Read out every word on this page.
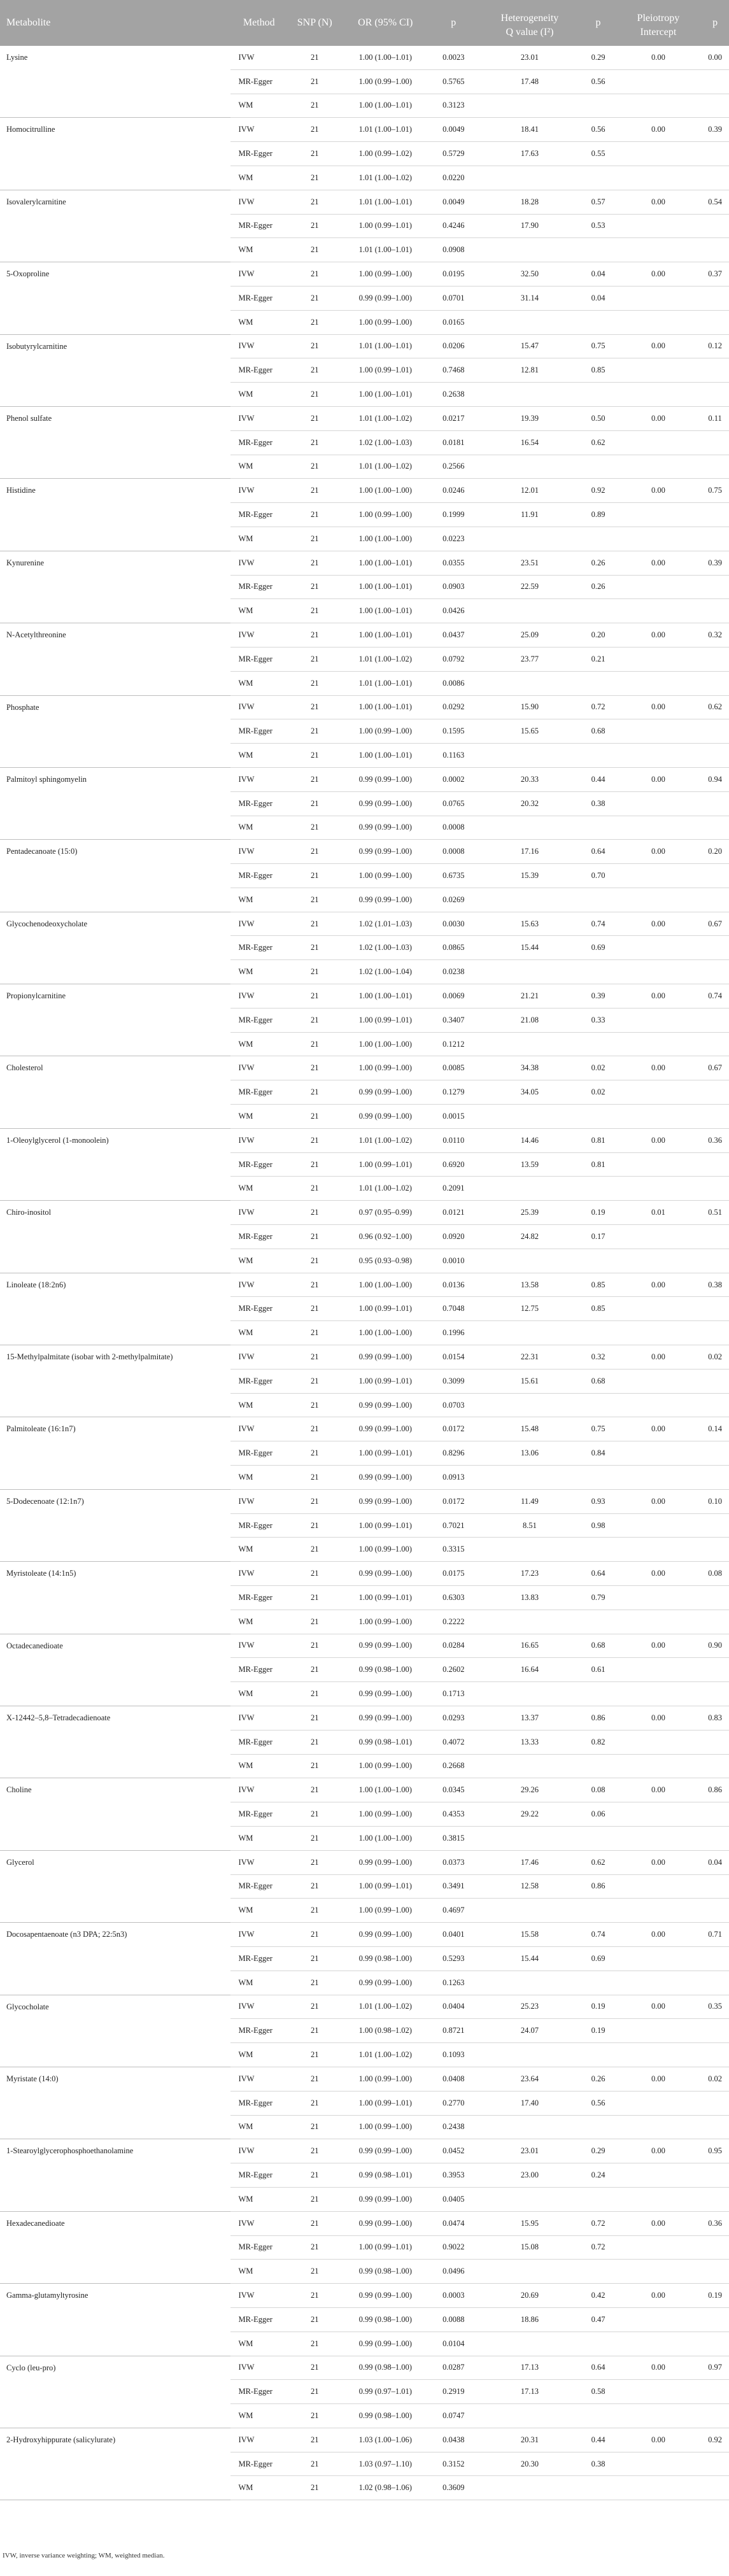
Metabolite	Method	SNP (N)	OR (95% CI)	p	Heterogeneity	p	Pleiotropy	p
					Q value (I²)		Intercept	
Lysine	IVW	21	1.00 (1.00–1.01)	0.0023	23.01	0.29	0.00	0.00
	MR-Egger	21	1.00 (0.99–1.00)	0.5765	17.48	0.56		
	WM	21	1.00 (1.00–1.01)	0.3123				
Homocitrulline	IVW	21	1.01 (1.00–1.01)	0.0049	18.41	0.56	0.00	0.39
	MR-Egger	21	1.00 (0.99–1.02)	0.5729	17.63	0.55		
	WM	21	1.01 (1.00–1.02)	0.0220				
Isovalerylcarnitine	IVW	21	1.01 (1.00–1.01)	0.0049	18.28	0.57	0.00	0.54
	MR-Egger	21	1.00 (0.99–1.01)	0.4246	17.90	0.53		
	WM	21	1.01 (1.00–1.01)	0.0908				
5-Oxoproline	IVW	21	1.00 (0.99–1.00)	0.0195	32.50	0.04	0.00	0.37
	MR-Egger	21	0.99 (0.99–1.00)	0.0701	31.14	0.04		
	WM	21	1.00 (0.99–1.00)	0.0165				
Isobutyrylcarnitine	IVW	21	1.01 (1.00–1.01)	0.0206	15.47	0.75	0.00	0.12
	MR-Egger	21	1.00 (0.99–1.01)	0.7468	12.81	0.85		
	WM	21	1.00 (1.00–1.01)	0.2638				
Phenol sulfate	IVW	21	1.01 (1.00–1.02)	0.0217	19.39	0.50	0.00	0.11
	MR-Egger	21	1.02 (1.00–1.03)	0.0181	16.54	0.62		
	WM	21	1.01 (1.00–1.02)	0.2566				
Histidine	IVW	21	1.00 (1.00–1.00)	0.0246	12.01	0.92	0.00	0.75
	MR-Egger	21	1.00 (0.99–1.00)	0.1999	11.91	0.89		
	WM	21	1.00 (1.00–1.00)	0.0223				
Kynurenine	IVW	21	1.00 (1.00–1.01)	0.0355	23.51	0.26	0.00	0.39
	MR-Egger	21	1.00 (1.00–1.01)	0.0903	22.59	0.26		
	WM	21	1.00 (1.00–1.01)	0.0426				
N-Acetylthreonine	IVW	21	1.00 (1.00–1.01)	0.0437	25.09	0.20	0.00	0.32
	MR-Egger	21	1.01 (1.00–1.02)	0.0792	23.77	0.21		
	WM	21	1.01 (1.00–1.01)	0.0086				
Phosphate	IVW	21	1.00 (1.00–1.01)	0.0292	15.90	0.72	0.00	0.62
	MR-Egger	21	1.00 (0.99–1.00)	0.1595	15.65	0.68		
	WM	21	1.00 (1.00–1.01)	0.1163				
Palmitoyl sphingomyelin	IVW	21	0.99 (0.99–1.00)	0.0002	20.33	0.44	0.00	0.94
	MR-Egger	21	0.99 (0.99–1.00)	0.0765	20.32	0.38		
	WM	21	0.99 (0.99–1.00)	0.0008				
Pentadecanoate (15:0)	IVW	21	0.99 (0.99–1.00)	0.0008	17.16	0.64	0.00	0.20
	MR-Egger	21	1.00 (0.99–1.00)	0.6735	15.39	0.70		
	WM	21	0.99 (0.99–1.00)	0.0269				
Glycochenodeoxycholate	IVW	21	1.02 (1.01–1.03)	0.0030	15.63	0.74	0.00	0.67
	MR-Egger	21	1.02 (1.00–1.03)	0.0865	15.44	0.69		
	WM	21	1.02 (1.00–1.04)	0.0238				
Propionylcarnitine	IVW	21	1.00 (1.00–1.01)	0.0069	21.21	0.39	0.00	0.74
	MR-Egger	21	1.00 (0.99–1.01)	0.3407	21.08	0.33		
	WM	21	1.00 (1.00–1.00)	0.1212				
Cholesterol	IVW	21	1.00 (0.99–1.00)	0.0085	34.38	0.02	0.00	0.67
	MR-Egger	21	0.99 (0.99–1.00)	0.1279	34.05	0.02		
	WM	21	0.99 (0.99–1.00)	0.0015				
1-Oleoylglycerol (1-monoolein)	IVW	21	1.01 (1.00–1.02)	0.0110	14.46	0.81	0.00	0.36
	MR-Egger	21	1.00 (0.99–1.01)	0.6920	13.59	0.81		
	WM	21	1.01 (1.00–1.02)	0.2091				
Chiro-inositol	IVW	21	0.97 (0.95–0.99)	0.0121	25.39	0.19	0.01	0.51
	MR-Egger	21	0.96 (0.92–1.00)	0.0920	24.82	0.17		
	WM	21	0.95 (0.93–0.98)	0.0010				
Linoleate (18:2n6)	IVW	21	1.00 (1.00–1.00)	0.0136	13.58	0.85	0.00	0.38
	MR-Egger	21	1.00 (0.99–1.01)	0.7048	12.75	0.85		
	WM	21	1.00 (1.00–1.00)	0.1996				
15-Methylpalmitate (isobar with 2-methylpalmitate)	IVW	21	0.99 (0.99–1.00)	0.0154	22.31	0.32	0.00	0.02
	MR-Egger	21	1.00 (0.99–1.01)	0.3099	15.61	0.68		
	WM	21	0.99 (0.99–1.00)	0.0703				
Palmitoleate (16:1n7)	IVW	21	0.99 (0.99–1.00)	0.0172	15.48	0.75	0.00	0.14
	MR-Egger	21	1.00 (0.99–1.01)	0.8296	13.06	0.84		
	WM	21	0.99 (0.99–1.00)	0.0913				
5-Dodecenoate (12:1n7)	IVW	21	0.99 (0.99–1.00)	0.0172	11.49	0.93	0.00	0.10
	MR-Egger	21	1.00 (0.99–1.01)	0.7021	8.51	0.98		
	WM	21	1.00 (0.99–1.00)	0.3315				
Myristoleate (14:1n5)	IVW	21	0.99 (0.99–1.00)	0.0175	17.23	0.64	0.00	0.08
	MR-Egger	21	1.00 (0.99–1.01)	0.6303	13.83	0.79		
	WM	21	1.00 (0.99–1.00)	0.2222				
Octadecanedioate	IVW	21	0.99 (0.99–1.00)	0.0284	16.65	0.68	0.00	0.90
	MR-Egger	21	0.99 (0.98–1.00)	0.2602	16.64	0.61		
	WM	21	0.99 (0.99–1.00)	0.1713				
X-12442–5,8–Tetradecadienoate	IVW	21	0.99 (0.99–1.00)	0.0293	13.37	0.86	0.00	0.83
	MR-Egger	21	0.99 (0.98–1.01)	0.4072	13.33	0.82		
	WM	21	1.00 (0.99–1.00)	0.2668				
Choline	IVW	21	1.00 (1.00–1.00)	0.0345	29.26	0.08	0.00	0.86
	MR-Egger	21	1.00 (0.99–1.00)	0.4353	29.22	0.06		
	WM	21	1.00 (1.00–1.00)	0.3815				
Glycerol	IVW	21	0.99 (0.99–1.00)	0.0373	17.46	0.62	0.00	0.04
	MR-Egger	21	1.00 (0.99–1.01)	0.3491	12.58	0.86		
	WM	21	1.00 (0.99–1.00)	0.4697				
Docosapentaenoate (n3 DPA; 22:5n3)	IVW	21	0.99 (0.99–1.00)	0.0401	15.58	0.74	0.00	0.71
	MR-Egger	21	0.99 (0.98–1.00)	0.5293	15.44	0.69		
	WM	21	0.99 (0.99–1.00)	0.1263				
Glycocholate	IVW	21	1.01 (1.00–1.02)	0.0404	25.23	0.19	0.00	0.35
	MR-Egger	21	1.00 (0.98–1.02)	0.8721	24.07	0.19		
	WM	21	1.01 (1.00–1.02)	0.1093				
Myristate (14:0)	IVW	21	1.00 (0.99–1.00)	0.0408	23.64	0.26	0.00	0.02
	MR-Egger	21	1.00 (0.99–1.01)	0.2770	17.40	0.56		
	WM	21	1.00 (0.99–1.00)	0.2438				
1-Stearoylglycerophosphoethanolamine	IVW	21	0.99 (0.99–1.00)	0.0452	23.01	0.29	0.00	0.95
	MR-Egger	21	0.99 (0.98–1.01)	0.3953	23.00	0.24		
	WM	21	0.99 (0.99–1.00)	0.0405				
Hexadecanedioate	IVW	21	0.99 (0.99–1.00)	0.0474	15.95	0.72	0.00	0.36
	MR-Egger	21	1.00 (0.99–1.01)	0.9022	15.08	0.72		
	WM	21	0.99 (0.98–1.00)	0.0496				
Gamma-glutamyltyrosine	IVW	21	0.99 (0.99–1.00)	0.0003	20.69	0.42	0.00	0.19
	MR-Egger	21	0.99 (0.98–1.00)	0.0088	18.86	0.47		
	WM	21	0.99 (0.99–1.00)	0.0104				
Cyclo (leu-pro)	IVW	21	0.99 (0.98–1.00)	0.0287	17.13	0.64	0.00	0.97
	MR-Egger	21	0.99 (0.97–1.01)	0.2919	17.13	0.58		
	WM	21	0.99 (0.98–1.00)	0.0747				
2-Hydroxyhippurate (salicylurate)	IVW	21	1.03 (1.00–1.06)	0.0438	20.31	0.44	0.00	0.92
	MR-Egger	21	1.03 (0.97–1.10)	0.3152	20.30	0.38		
	WM	21	1.02 (0.98–1.06)	0.3609				
IVW, inverse variance weighting; WM, weighted median.
